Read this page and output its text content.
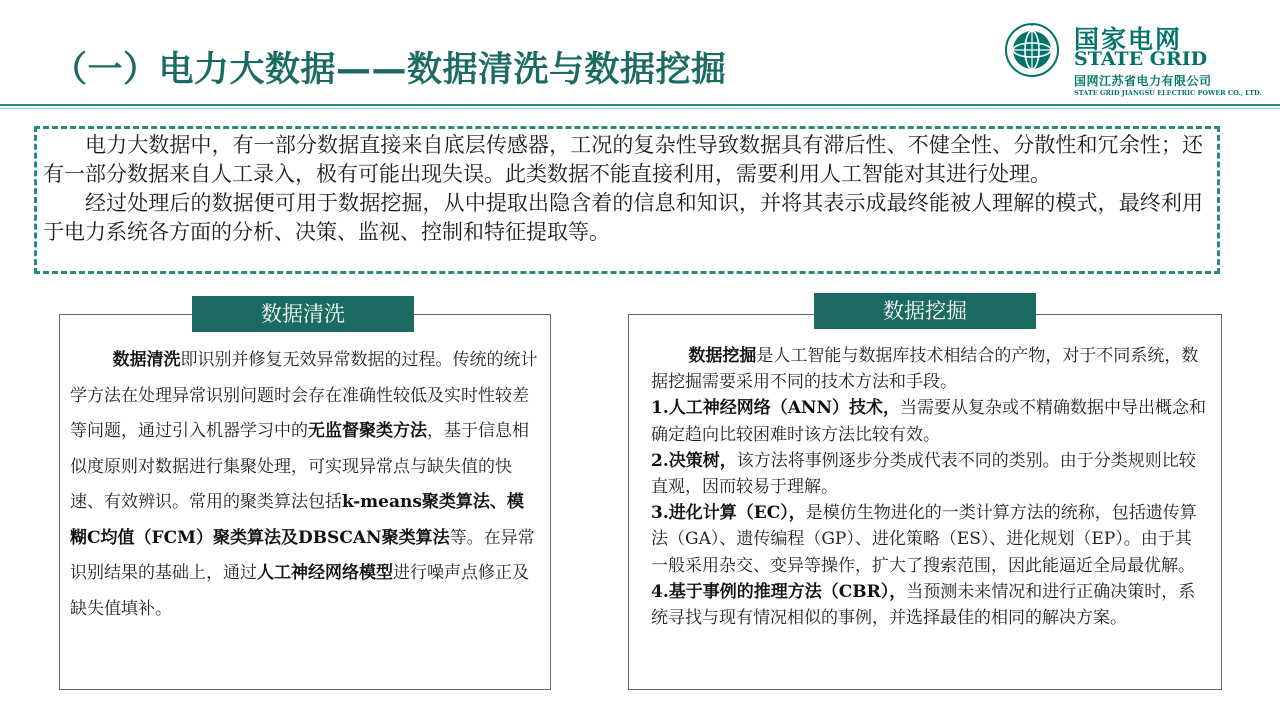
（一）电力大数据——数据清洗与数据挖掘
国家电网
STATE GRID
国网江苏省电力有限公司
STATE GRID JIANGSU ELECTRIC POWER CO., LTD.

电力大数据中，有一部分数据直接来自底层传感器，工况的复杂性导致数据具有滞后性、不健全性、分散性和冗余性；还有一部分数据来自人工录入，极有可能出现失误。此类数据不能直接利用，需要利用人工智能对其进行处理。

经过处理后的数据便可用于数据挖掘，从中提取出隐含着的信息和知识，并将其表示成最终能被人理解的模式，最终利用于电力系统各方面的分析、决策、监视、控制和特征提取等。

数据清洗即识别并修复无效异常数据的过程。传统的统计学方法在处理异常识别问题时会存在准确性较低及实时性较差等问题，通过引入机器学习中的无监督聚类方法，基于信息相似度原则对数据进行集聚处理，可实现异常点与缺失值的快速、有效辨识。常用的聚类算法包括k-means聚类算法、模糊C均值（FCM）聚类算法及DBSCAN聚类算法等。在异常识别结果的基础上，通过人工神经网络模型进行噪声点修正及缺失值填补。

数据清洗

数据挖掘是人工智能与数据库技术相结合的产物，对于不同系统，数据挖掘需要采用不同的技术方法和手段。

1.人工神经网络（ANN）技术，当需要从复杂或不精确数据中导出概念和确定趋向比较困难时该方法比较有效。

2.决策树，该方法将事例逐步分类成代表不同的类别。由于分类规则比较直观，因而较易于理解。

3.进化计算（EC），是模仿生物进化的一类计算方法的统称，包括遗传算法（GA）、遗传编程（GP）、进化策略（ES）、进化规划（EP）。由于其一般采用杂交、变异等操作，扩大了搜索范围，因此能逼近全局最优解。

4.基于事例的推理方法（CBR），当预测未来情况和进行正确决策时，系统寻找与现有情况相似的事例，并选择最佳的相同的解决方案。

数据挖掘
